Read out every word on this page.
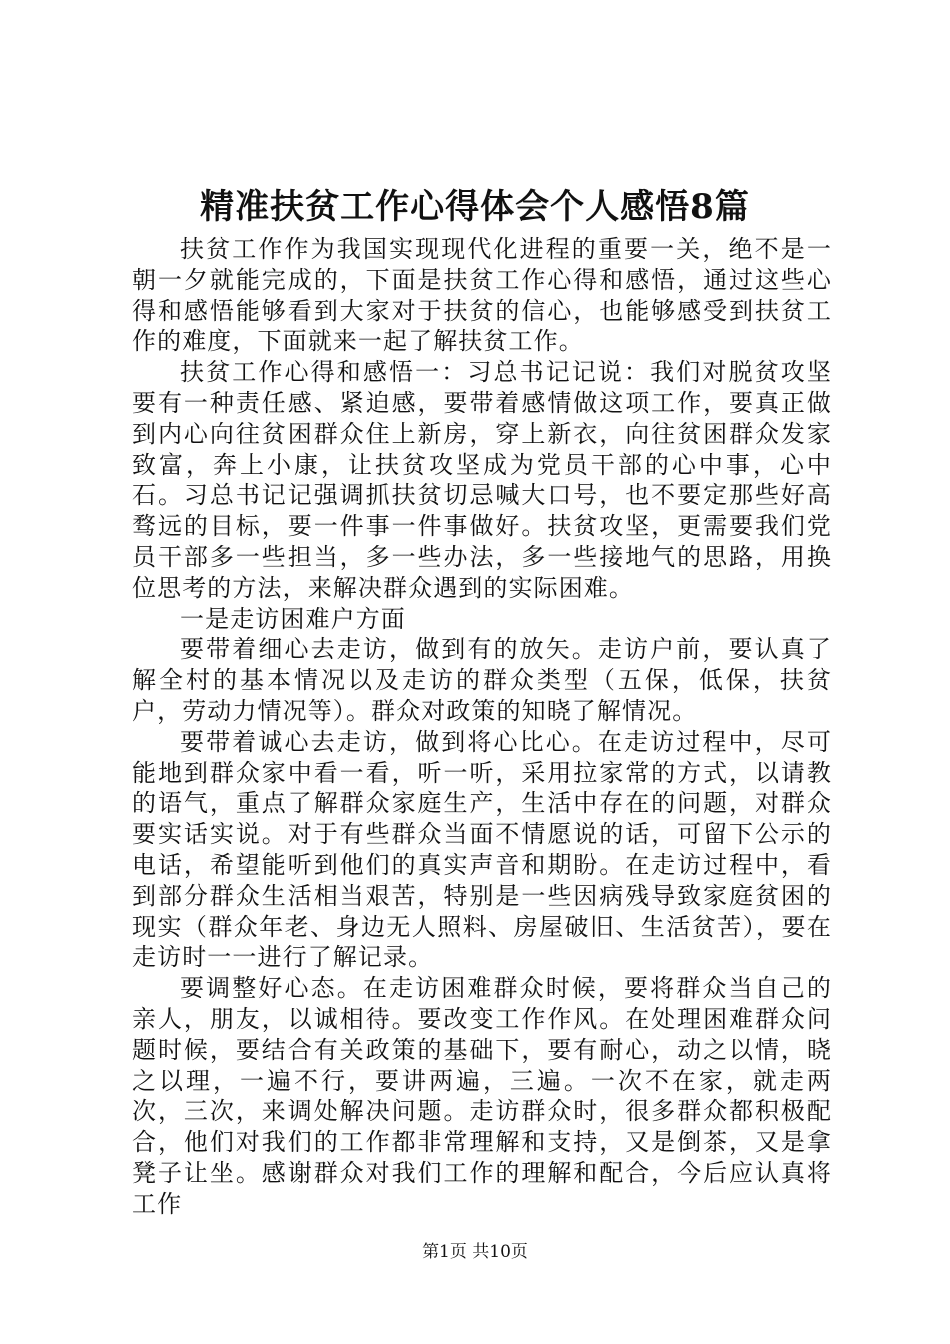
精准扶贫工作心得体会个人感悟8篇

扶贫工作作为我国实现现代化进程的重要一关，绝不是一朝一夕就能完成的，下面是扶贫工作心得和感悟，通过这些心得和感悟能够看到大家对于扶贫的信心，也能够感受到扶贫工作的难度，下面就来一起了解扶贫工作。

扶贫工作心得和感悟一：习总书记记说：我们对脱贫攻坚要有一种责任感、紧迫感，要带着感情做这项工作，要真正做到内心向往贫困群众住上新房，穿上新衣，向往贫困群众发家致富，奔上小康，让扶贫攻坚成为党员干部的心中事，心中石。习总书记记强调抓扶贫切忌喊大口号，也不要定那些好高骛远的目标，要一件事一件事做好。扶贫攻坚，更需要我们党员干部多一些担当，多一些办法，多一些接地气的思路，用换位思考的方法，来解决群众遇到的实际困难。

一是走访困难户方面

要带着细心去走访，做到有的放矢。走访户前，要认真了解全村的基本情况以及走访的群众类型（五保，低保，扶贫户，劳动力情况等）。群众对政策的知晓了解情况。

要带着诚心去走访，做到将心比心。在走访过程中，尽可能地到群众家中看一看，听一听，采用拉家常的方式，以请教的语气，重点了解群众家庭生产，生活中存在的问题，对群众要实话实说。对于有些群众当面不情愿说的话，可留下公示的电话，希望能听到他们的真实声音和期盼。在走访过程中，看到部分群众生活相当艰苦，特别是一些因病残导致家庭贫困的现实（群众年老、身边无人照料、房屋破旧、生活贫苦），要在走访时一一进行了解记录。

要调整好心态。在走访困难群众时候，要将群众当自己的亲人，朋友，以诚相待。要改变工作作风。在处理困难群众问题时候，要结合有关政策的基础下，要有耐心，动之以情，晓之以理，一遍不行，要讲两遍，三遍。一次不在家，就走两次，三次，来调处解决问题。走访群众时，很多群众都积极配合，他们对我们的工作都非常理解和支持，又是倒茶，又是拿凳子让坐。感谢群众对我们工作的理解和配合，今后应认真将工作

第1页 共10页
